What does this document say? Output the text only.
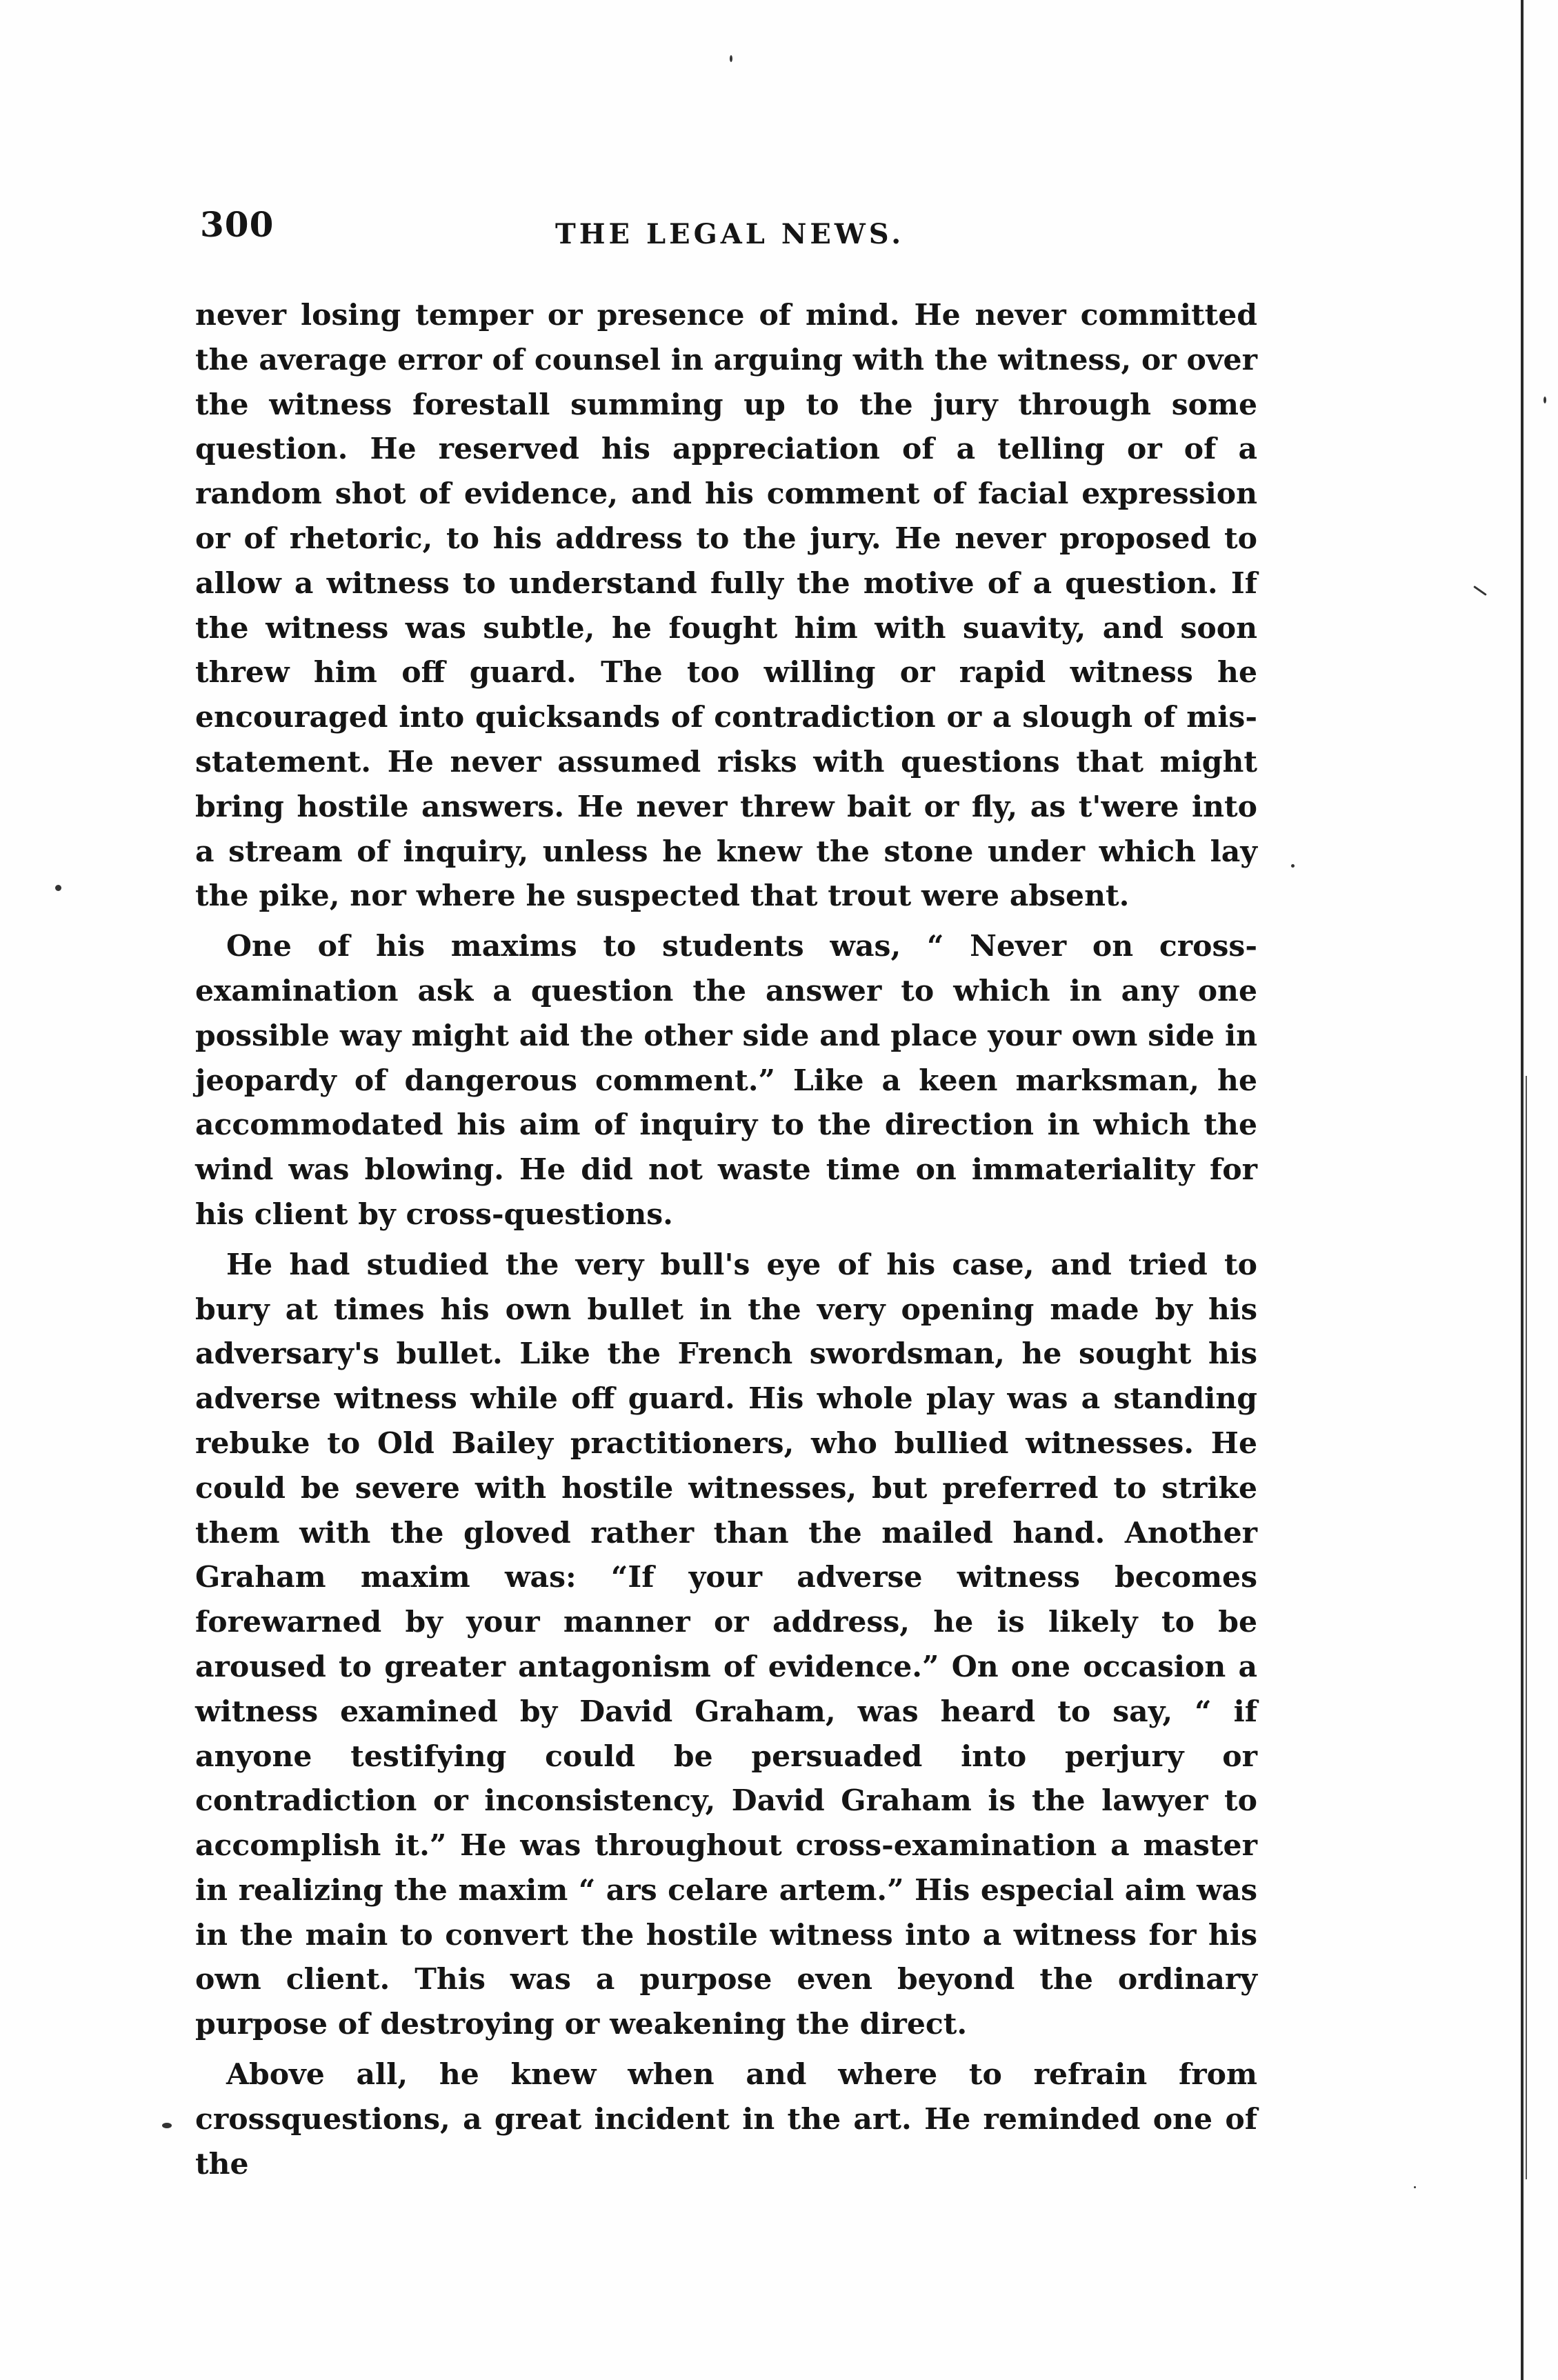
300	THE LEGAL NEWS.

never losing temper or presence of mind. He never committed the average error of counsel in arguing with the witness, or over the witness forestall summing up to the jury through some question. He reserved his appreciation of a telling or of a random shot of evidence, and his comment of facial expression or of rhetoric, to his address to the jury. He never proposed to allow a witness to understand fully the motive of a question. If the witness was subtle, he fought him with suavity, and soon threw him off guard. The too willing or rapid witness he encouraged into quicksands of contradiction or a slough of mis-statement. He never assumed risks with questions that might bring hostile answers. He never threw bait or fly, as t'were into a stream of inquiry, unless he knew the stone under which lay the pike, nor where he suspected that trout were absent.

One of his maxims to students was, “ Never on cross-examination ask a question the answer to which in any one possible way might aid the other side and place your own side in jeopardy of dangerous comment.” Like a keen marksman, he accommodated his aim of inquiry to the direction in which the wind was blowing. He did not waste time on immateriality for his client by cross-questions.

He had studied the very bull's eye of his case, and tried to bury at times his own bullet in the very opening made by his adversary's bullet. Like the French swordsman, he sought his adverse witness while off guard. His whole play was a standing rebuke to Old Bailey practitioners, who bullied witnesses. He could be severe with hostile witnesses, but preferred to strike them with the gloved rather than the mailed hand. Another Graham maxim was: “If your adverse witness becomes forewarned by your manner or address, he is likely to be aroused to greater antagonism of evidence.” On one occasion a witness examined by David Graham, was heard to say, “ if anyone testifying could be persuaded into perjury or contradiction or inconsistency, David Graham is the lawyer to accomplish it.” He was throughout cross-examination a master in realizing the maxim “ ars celare artem.” His especial aim was in the main to convert the hostile witness into a witness for his own client. This was a purpose even beyond the ordinary purpose of destroying or weakening the direct.

Above all, he knew when and where to refrain from crossquestions, a great incident in the art. He reminded one of the
